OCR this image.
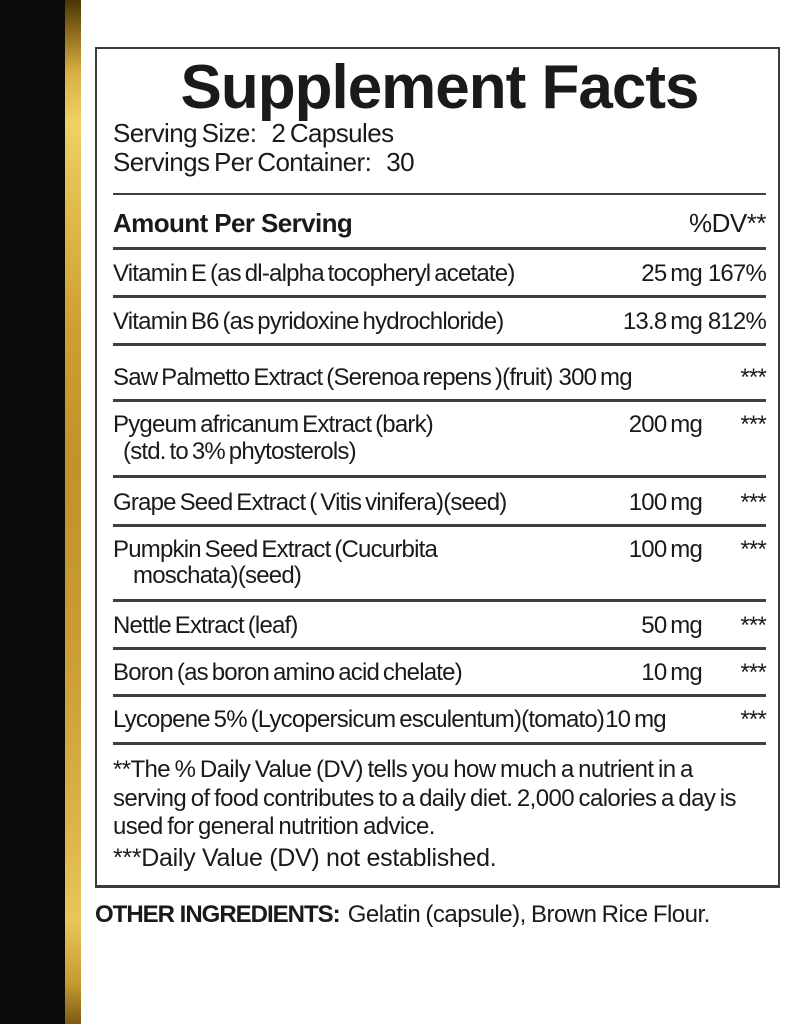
Supplement Facts
Serving Size: 2 Capsules
Servings Per Container: 30
Amount Per Serving	%DV**
Vitamin E (as dl-alpha tocopheryl acetate)	25 mg 167%
Vitamin B6 (as pyridoxine hydrochloride)	13.8 mg 812%
Saw Palmetto Extract (Serenoa repens )(fruit) 300 mg	***
Pygeum africanum Extract (bark)
(std. to 3% phytosterols)
200 mg	***
Grape Seed Extract ( Vitis vinifera)(seed)	100 mg	***
Pumpkin Seed Extract (Cucurbita
moschata)(seed)
100 mg	***
Nettle Extract (leaf)	50 mg	***
Boron (as boron amino acid chelate)	10 mg	***
Lycopene 5% (Lycopersicum esculentum)(tomato) 10 mg	***
**The % Daily Value (DV) tells you how much a nutrient in a serving of food contributes to a daily diet. 2,000 calories a day is used for general nutrition advice.
***Daily Value (DV) not established.
OTHER INGREDIENTS: Gelatin (capsule), Brown Rice Flour.
